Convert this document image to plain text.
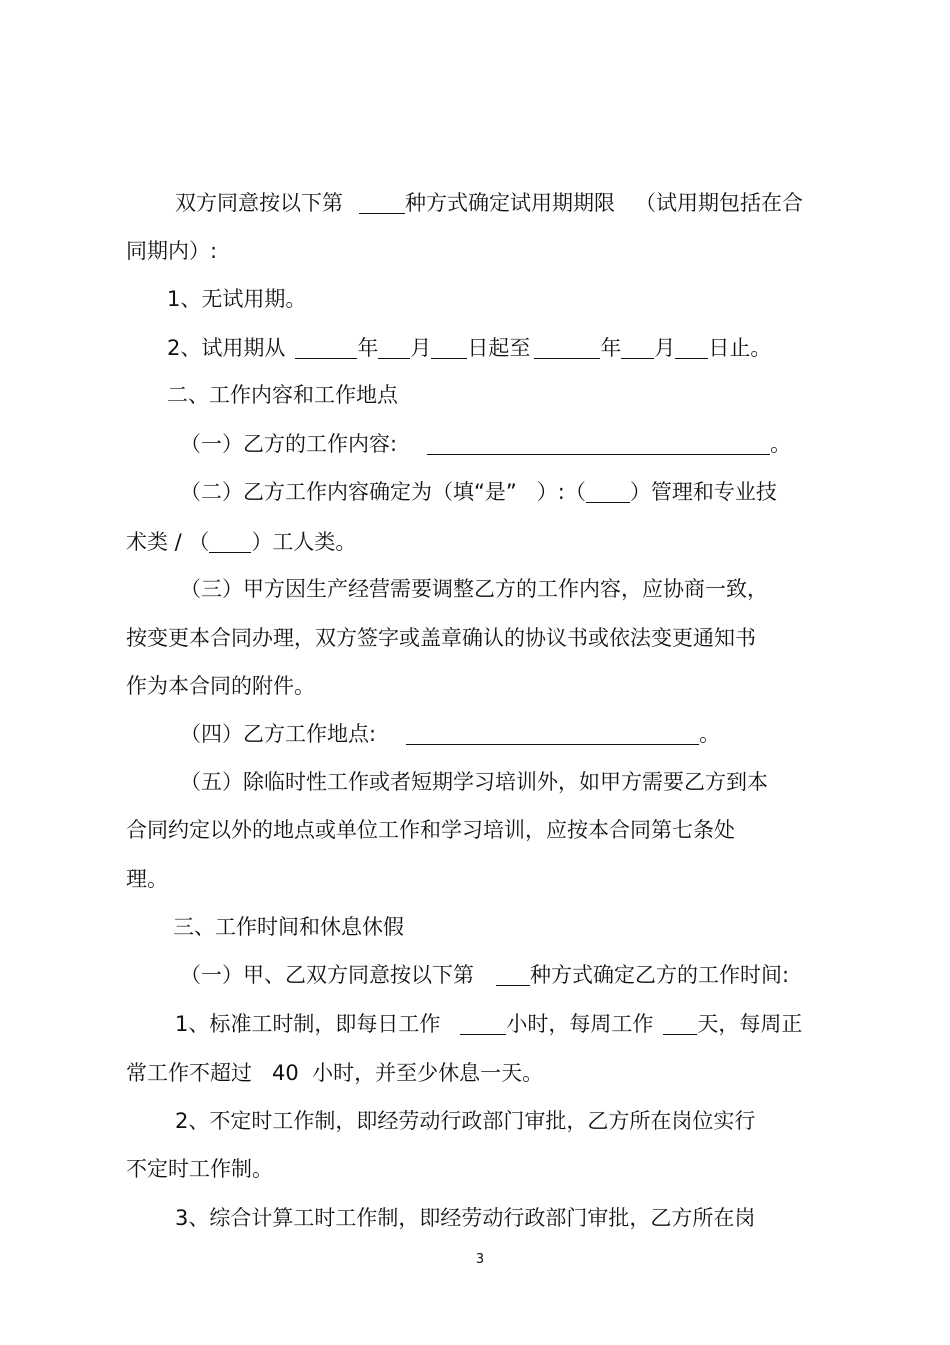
双方同意按以下第	种方式确定试用期期限 （试用期包括在合
同期内）:
1、无试用期。
2、试用期从	年 月 日起至	年 月 日止。
二、工作内容和工作地点
（一）乙方的工作内容:	。
（二）乙方工作内容确定为（填“是” ）:（ ）管理和专业技
术类 / （ ）工人类。
（三）甲方因生产经营需要调整乙方的工作内容，应协商一致，
按变更本合同办理，双方签字或盖章确认的协议书或依法变更通知书
作为本合同的附件。
（四）乙方工作地点:	。
（五）除临时性工作或者短期学习培训外，如甲方需要乙方到本
合同约定以外的地点或单位工作和学习培训，应按本合同第七条处
理。
三、工作时间和休息休假
（一）甲、乙双方同意按以下第	种方式确定乙方的工作时间:
1、标准工时制，即每日工作	小时，每周工作 天，每周正
常工作不超过   40  小时，并至少休息一天。
2、不定时工作制，即经劳动行政部门审批，乙方所在岗位实行
不定时工作制。
3、综合计算工时工作制，即经劳动行政部门审批，乙方所在岗
3
